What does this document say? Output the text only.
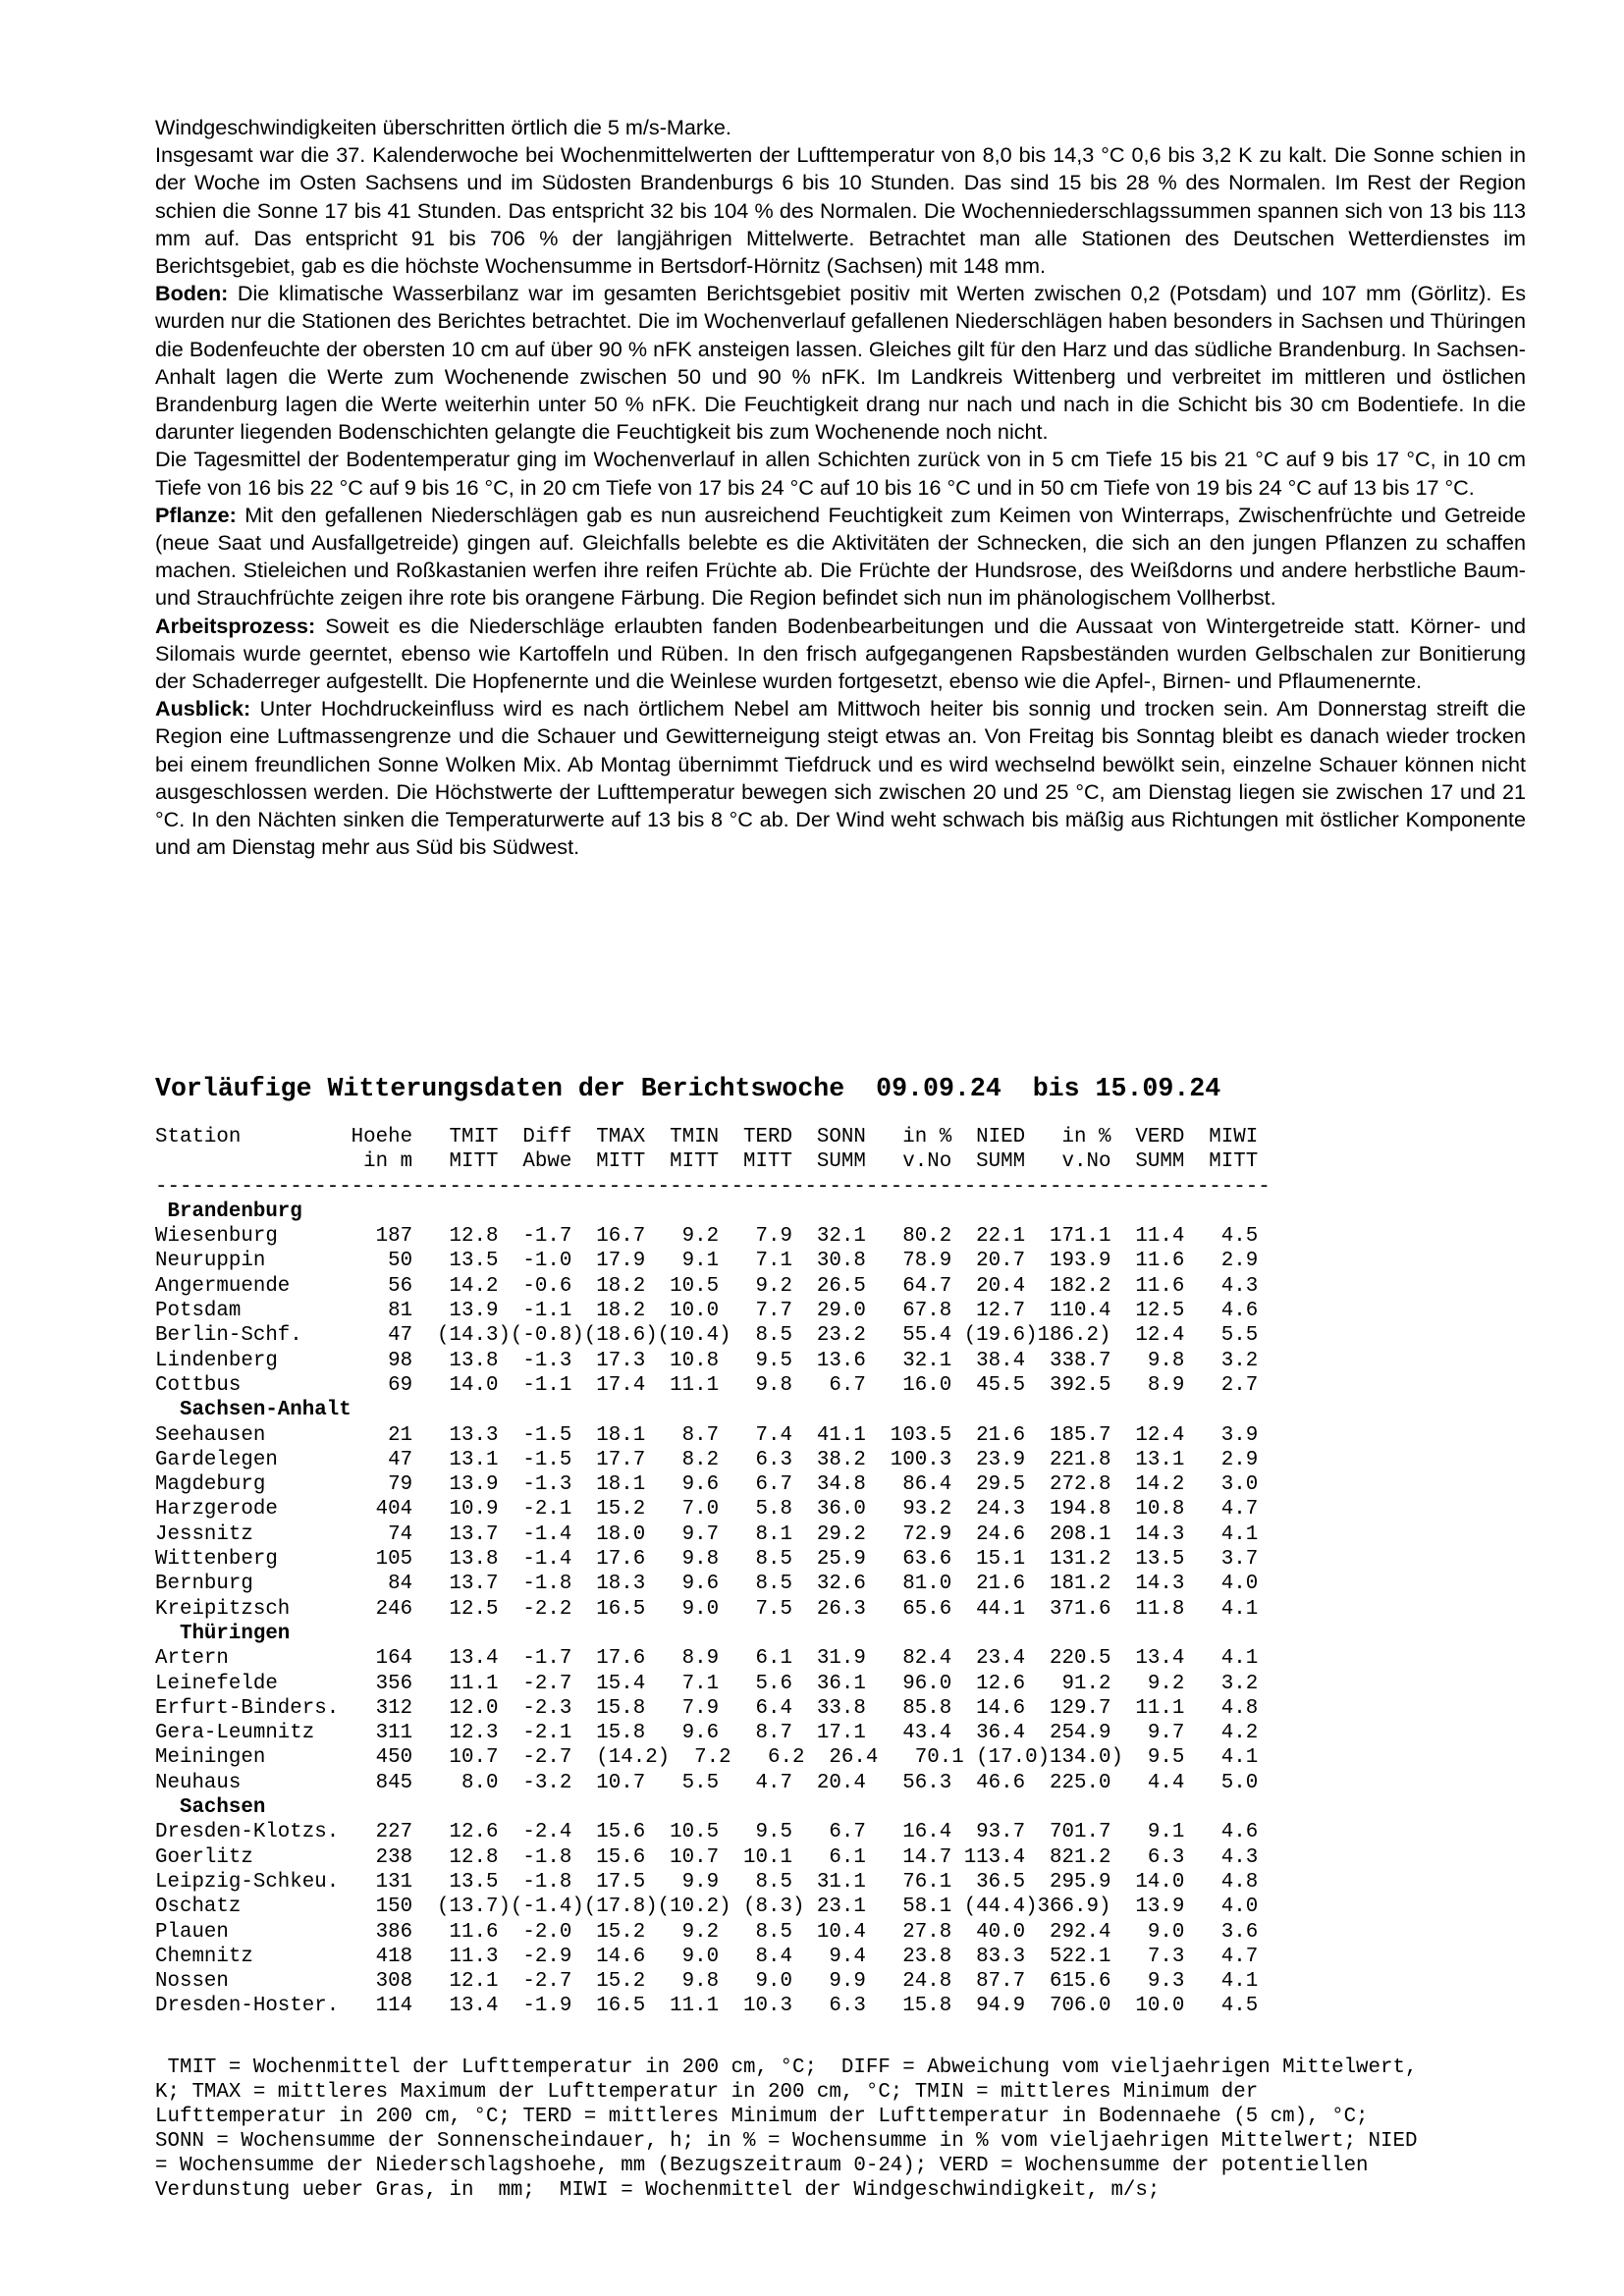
Windgeschwindigkeiten überschritten örtlich die 5 m/s-Marke.

Insgesamt war die 37. Kalenderwoche bei Wochenmittelwerten der Lufttemperatur von 8,0 bis 14,3 °C 0,6 bis 3,2 K zu kalt. Die Sonne schien in der Woche im Osten Sachsens und im Südosten Brandenburgs 6 bis 10 Stunden. Das sind 15 bis 28 % des Normalen. Im Rest der Region schien die Sonne 17 bis 41 Stunden. Das entspricht 32 bis 104 % des Normalen. Die Wochenniederschlagssummen spannen sich von 13 bis 113 mm auf. Das entspricht 91 bis 706 % der langjährigen Mittelwerte. Betrachtet man alle Stationen des Deutschen Wetterdienstes im Berichtsgebiet, gab es die höchste Wochensumme in Bertsdorf-Hörnitz (Sachsen) mit 148 mm.

Boden: Die klimatische Wasserbilanz war im gesamten Berichtsgebiet positiv mit Werten zwischen 0,2 (Potsdam) und 107 mm (Görlitz). Es wurden nur die Stationen des Berichtes betrachtet. Die im Wochenverlauf gefallenen Niederschlägen haben besonders in Sachsen und Thüringen die Bodenfeuchte der obersten 10 cm auf über 90 % nFK ansteigen lassen. Gleiches gilt für den Harz und das südliche Brandenburg. In Sachsen-Anhalt lagen die Werte zum Wochenende zwischen 50 und 90 % nFK. Im Landkreis Wittenberg und verbreitet im mittleren und östlichen Brandenburg lagen die Werte weiterhin unter 50 % nFK. Die Feuchtigkeit drang nur nach und nach in die Schicht bis 30 cm Bodentiefe. In die darunter liegenden Bodenschichten gelangte die Feuchtigkeit bis zum Wochenende noch nicht.

Die Tagesmittel der Bodentemperatur ging im Wochenverlauf in allen Schichten zurück von in 5 cm Tiefe 15 bis 21 °C auf 9 bis 17 °C, in 10 cm Tiefe von 16 bis 22 °C auf 9 bis 16 °C, in 20 cm Tiefe von 17 bis 24 °C auf 10 bis 16 °C und in 50 cm Tiefe von 19 bis 24 °C auf 13 bis 17 °C.

Pflanze: Mit den gefallenen Niederschlägen gab es nun ausreichend Feuchtigkeit zum Keimen von Winterraps, Zwischenfrüchte und Getreide (neue Saat und Ausfallgetreide) gingen auf. Gleichfalls belebte es die Aktivitäten der Schnecken, die sich an den jungen Pflanzen zu schaffen machen. Stieleichen und Roßkastanien werfen ihre reifen Früchte ab. Die Früchte der Hundsrose, des Weißdorns und andere herbstliche Baum- und Strauchfrüchte zeigen ihre rote bis orangene Färbung. Die Region befindet sich nun im phänologischem Vollherbst.

Arbeitsprozess: Soweit es die Niederschläge erlaubten fanden Bodenbearbeitungen und die Aussaat von Wintergetreide statt. Körner- und Silomais wurde geerntet, ebenso wie Kartoffeln und Rüben. In den frisch aufgegangenen Rapsbeständen wurden Gelbschalen zur Bonitierung der Schaderreger aufgestellt. Die Hopfenernte und die Weinlese wurden fortgesetzt, ebenso wie die Apfel-, Birnen- und Pflaumenernte.

Ausblick: Unter Hochdruckeinfluss wird es nach örtlichem Nebel am Mittwoch heiter bis sonnig und trocken sein. Am Donnerstag streift die Region eine Luftmassengrenze und die Schauer und Gewitterneigung steigt etwas an. Von Freitag bis Sonntag bleibt es danach wieder trocken bei einem freundlichen Sonne Wolken Mix. Ab Montag übernimmt Tiefdruck und es wird wechselnd bewölkt sein, einzelne Schauer können nicht ausgeschlossen werden. Die Höchstwerte der Lufttemperatur bewegen sich zwischen 20 und 25 °C, am Dienstag liegen sie zwischen 17 und 21 °C. In den Nächten sinken die Temperaturwerte auf 13 bis 8 °C ab. Der Wind weht schwach bis mäßig aus Richtungen mit östlicher Komponente und am Dienstag mehr aus Süd bis Südwest.

Vorläufige Witterungsdaten der Berichtswoche  09.09.24  bis 15.09.24
Station         Hoehe   TMIT  Diff  TMAX  TMIN  TERD  SONN   in %  NIED   in %  VERD  MIWI
in m   MITT  Abwe  MITT  MITT  MITT  SUMM   v.No  SUMM   v.No  SUMM  MITT
-------------------------------------------------------------------------------------------
Brandenburg
Wiesenburg        187   12.8  -1.7  16.7   9.2   7.9  32.1   80.2  22.1  171.1  11.4   4.5
Neuruppin          50   13.5  -1.0  17.9   9.1   7.1  30.8   78.9  20.7  193.9  11.6   2.9
Angermuende        56   14.2  -0.6  18.2  10.5   9.2  26.5   64.7  20.4  182.2  11.6   4.3
Potsdam            81   13.9  -1.1  18.2  10.0   7.7  29.0   67.8  12.7  110.4  12.5   4.6
Berlin-Schf.       47  (14.3)(-0.8)(18.6)(10.4)  8.5  23.2   55.4 (19.6)186.2)  12.4   5.5
Lindenberg         98   13.8  -1.3  17.3  10.8   9.5  13.6   32.1  38.4  338.7   9.8   3.2
Cottbus            69   14.0  -1.1  17.4  11.1   9.8   6.7   16.0  45.5  392.5   8.9   2.7
Sachsen-Anhalt
Seehausen          21   13.3  -1.5  18.1   8.7   7.4  41.1  103.5  21.6  185.7  12.4   3.9
Gardelegen         47   13.1  -1.5  17.7   8.2   6.3  38.2  100.3  23.9  221.8  13.1   2.9
Magdeburg          79   13.9  -1.3  18.1   9.6   6.7  34.8   86.4  29.5  272.8  14.2   3.0
Harzgerode        404   10.9  -2.1  15.2   7.0   5.8  36.0   93.2  24.3  194.8  10.8   4.7
Jessnitz           74   13.7  -1.4  18.0   9.7   8.1  29.2   72.9  24.6  208.1  14.3   4.1
Wittenberg        105   13.8  -1.4  17.6   9.8   8.5  25.9   63.6  15.1  131.2  13.5   3.7
Bernburg           84   13.7  -1.8  18.3   9.6   8.5  32.6   81.0  21.6  181.2  14.3   4.0
Kreipitzsch       246   12.5  -2.2  16.5   9.0   7.5  26.3   65.6  44.1  371.6  11.8   4.1
Thüringen
Artern            164   13.4  -1.7  17.6   8.9   6.1  31.9   82.4  23.4  220.5  13.4   4.1
Leinefelde        356   11.1  -2.7  15.4   7.1   5.6  36.1   96.0  12.6   91.2   9.2   3.2
Erfurt-Binders.   312   12.0  -2.3  15.8   7.9   6.4  33.8   85.8  14.6  129.7  11.1   4.8
Gera-Leumnitz     311   12.3  -2.1  15.8   9.6   8.7  17.1   43.4  36.4  254.9   9.7   4.2
Meiningen         450   10.7  -2.7  (14.2)  7.2   6.2  26.4   70.1 (17.0)134.0)  9.5   4.1
Neuhaus           845    8.0  -3.2  10.7   5.5   4.7  20.4   56.3  46.6  225.0   4.4   5.0
Sachsen
Dresden-Klotzs.   227   12.6  -2.4  15.6  10.5   9.5   6.7   16.4  93.7  701.7   9.1   4.6
Goerlitz          238   12.8  -1.8  15.6  10.7  10.1   6.1   14.7 113.4  821.2   6.3   4.3
Leipzig-Schkeu.   131   13.5  -1.8  17.5   9.9   8.5  31.1   76.1  36.5  295.9  14.0   4.8
Oschatz           150  (13.7)(-1.4)(17.8)(10.2) (8.3) 23.1   58.1 (44.4)366.9)  13.9   4.0
Plauen            386   11.6  -2.0  15.2   9.2   8.5  10.4   27.8  40.0  292.4   9.0   3.6
Chemnitz          418   11.3  -2.9  14.6   9.0   8.4   9.4   23.8  83.3  522.1   7.3   4.7
Nossen            308   12.1  -2.7  15.2   9.8   9.0   9.9   24.8  87.7  615.6   9.3   4.1
Dresden-Hoster.   114   13.4  -1.9  16.5  11.1  10.3   6.3   15.8  94.9  706.0  10.0   4.5
TMIT = Wochenmittel der Lufttemperatur in 200 cm, °C;  DIFF = Abweichung vom vieljaehrigen Mittelwert,
K; TMAX = mittleres Maximum der Lufttemperatur in 200 cm, °C; TMIN = mittleres Minimum der
Lufttemperatur in 200 cm, °C; TERD = mittleres Minimum der Lufttemperatur in Bodennaehe (5 cm), °C;
SONN = Wochensumme der Sonnenscheindauer, h; in % = Wochensumme in % vom vieljaehrigen Mittelwert; NIED
= Wochensumme der Niederschlagshoehe, mm (Bezugszeitraum 0-24); VERD = Wochensumme der potentiellen
Verdunstung ueber Gras, in  mm;  MIWI = Wochenmittel der Windgeschwindigkeit, m/s;
